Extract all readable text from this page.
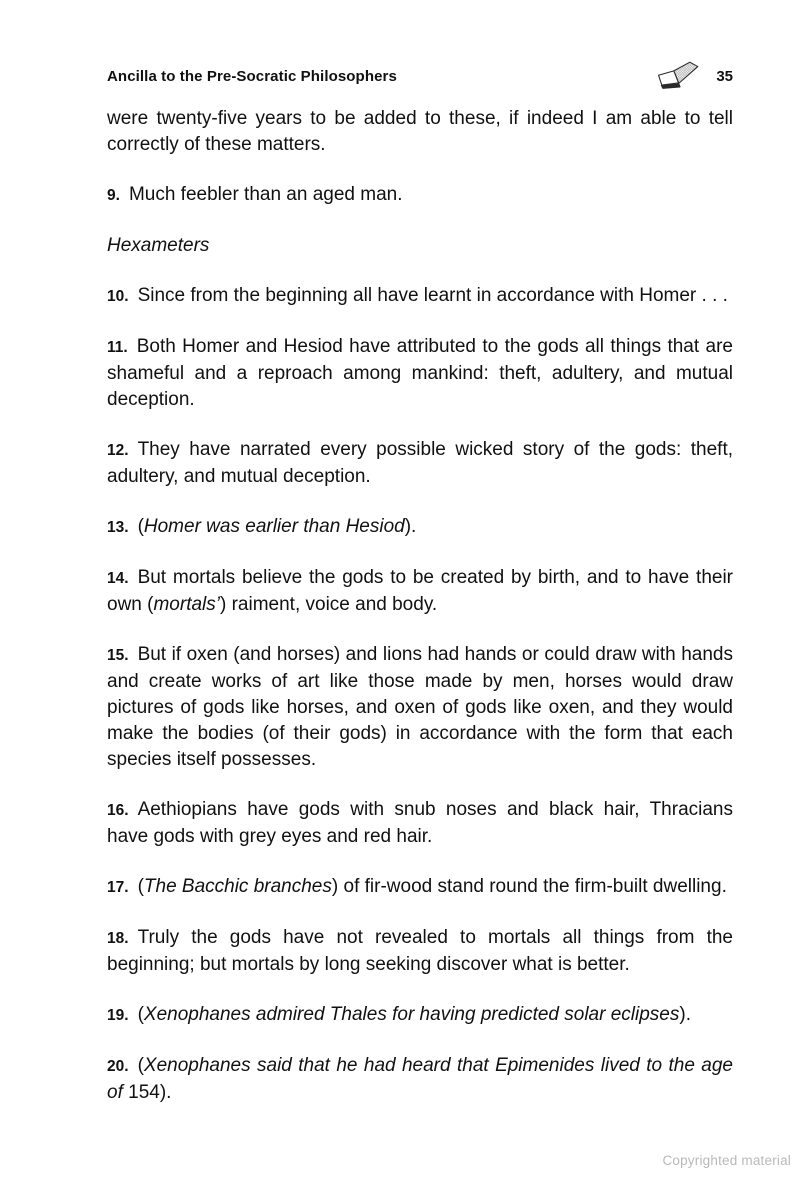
Ancilla to the Pre-Socratic Philosophers	35

were twenty-five years to be added to these, if indeed I am able to tell correctly of these matters.

9. Much feebler than an aged man.

Hexameters

10. Since from the beginning all have learnt in accordance with Homer . . .

11. Both Homer and Hesiod have attributed to the gods all things that are shameful and a reproach among mankind: theft, adultery, and mutual deception.

12. They have narrated every possible wicked story of the gods: theft, adultery, and mutual deception.

13. (Homer was earlier than Hesiod).

14. But mortals believe the gods to be created by birth, and to have their own (mortals’) raiment, voice and body.

15. But if oxen (and horses) and lions had hands or could draw with hands and create works of art like those made by men, horses would draw pictures of gods like horses, and oxen of gods like oxen, and they would make the bodies (of their gods) in accordance with the form that each species itself possesses.

16. Aethiopians have gods with snub noses and black hair, Thracians have gods with grey eyes and red hair.

17. (The Bacchic branches) of fir-wood stand round the firm-built dwelling.

18. Truly the gods have not revealed to mortals all things from the beginning; but mortals by long seeking discover what is better.

19. (Xenophanes admired Thales for having predicted solar eclipses).

20. (Xenophanes said that he had heard that Epimenides lived to the age of 154).

Copyrighted material
